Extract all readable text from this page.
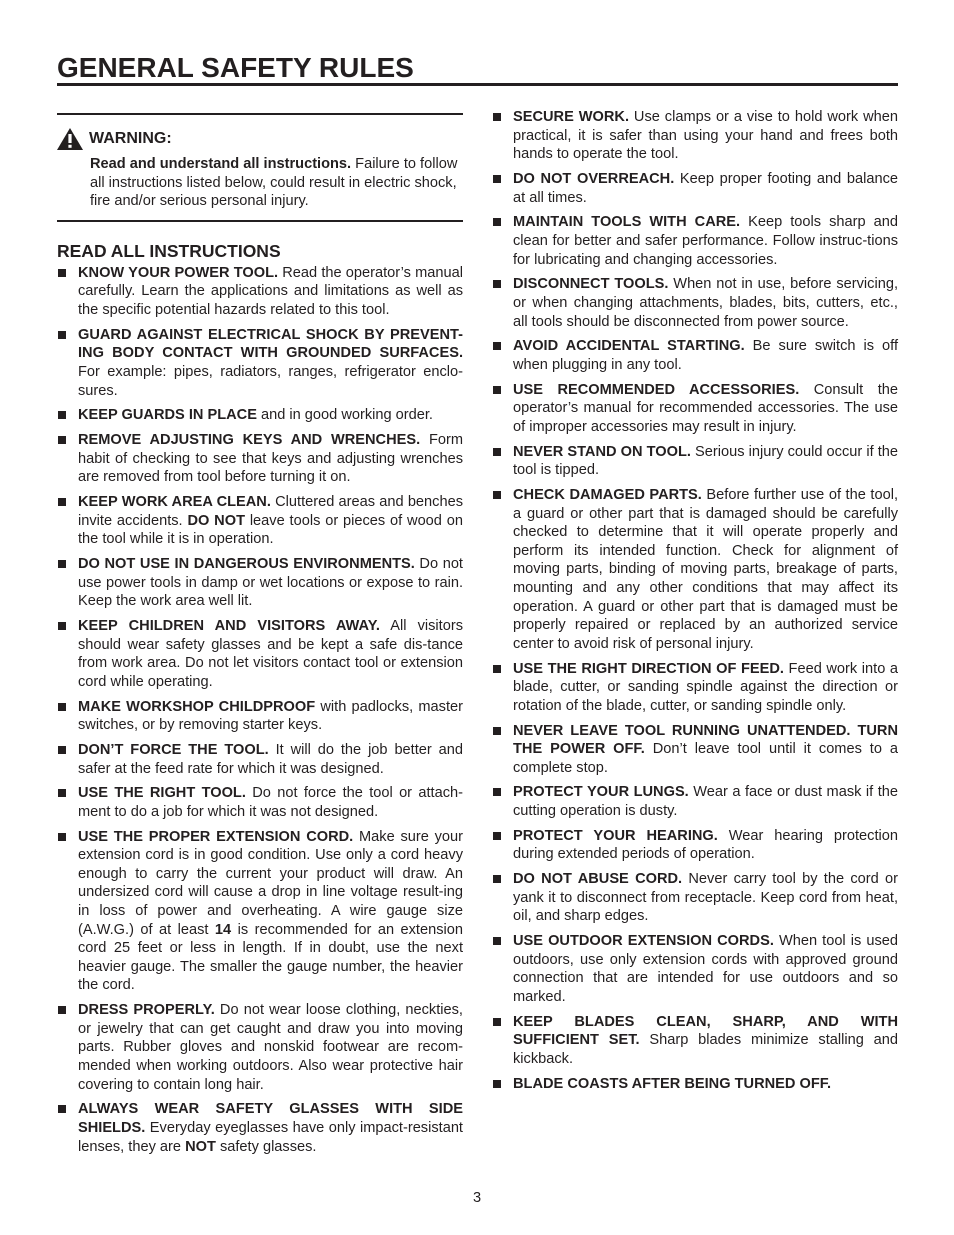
GENERAL SAFETY RULES
WARNING:
Read and understand all instructions. Failure to follow all instructions listed below, could result in electric shock, fire and/or serious personal injury.
READ ALL INSTRUCTIONS
KNOW YOUR POWER TOOL. Read the operator’s manual carefully. Learn the applications and limitations as well as the specific potential hazards related to this tool.
GUARD AGAINST ELECTRICAL SHOCK BY PREVENT-ING BODY CONTACT WITH GROUNDED SURFACES. For example: pipes, radiators, ranges, refrigerator enclo-sures.
KEEP GUARDS IN PLACE and in good working order.
REMOVE ADJUSTING KEYS AND WRENCHES. Form habit of checking to see that keys and adjusting wrenches are removed from tool before turning it on.
KEEP WORK AREA CLEAN. Cluttered areas and benches invite accidents. DO NOT leave tools or pieces of wood on the tool while it is in operation.
DO NOT USE IN DANGEROUS ENVIRONMENTS. Do not use power tools in damp or wet locations or expose to rain. Keep the work area well lit.
KEEP CHILDREN AND VISITORS AWAY. All visitors should wear safety glasses and be kept a safe dis-tance from work area. Do not let visitors contact tool or extension cord while operating.
MAKE WORKSHOP CHILDPROOF with padlocks, master switches, or by removing starter keys.
DON’T FORCE THE TOOL. It will do the job better and safer at the feed rate for which it was designed.
USE THE RIGHT TOOL. Do not force the tool or attach-ment to do a job for which it was not designed.
USE THE PROPER EXTENSION CORD. Make sure your extension cord is in good condition. Use only a cord heavy enough to carry the current your product will draw. An undersized cord will cause a drop in line voltage result-ing in loss of power and overheating. A wire gauge size (A.W.G.) of at least 14 is recommended for an extension cord 25 feet or less in length. If in doubt, use the next heavier gauge. The smaller the gauge number, the heavier the cord.
DRESS PROPERLY. Do not wear loose clothing, neckties, or jewelry that can get caught and draw you into moving parts. Rubber gloves and nonskid footwear are recom-mended when working outdoors. Also wear protective hair covering to contain long hair.
ALWAYS WEAR SAFETY GLASSES WITH SIDE SHIELDS. Everyday eyeglasses have only impact-resistant lenses, they are NOT safety glasses.
SECURE WORK. Use clamps or a vise to hold work when practical, it is safer than using your hand and frees both hands to operate the tool.
DO NOT OVERREACH. Keep proper footing and balance at all times.
MAINTAIN TOOLS WITH CARE. Keep tools sharp and clean for better and safer performance. Follow instruc-tions for lubricating and changing accessories.
DISCONNECT TOOLS. When not in use, before servicing, or when changing attachments, blades, bits, cutters, etc., all tools should be disconnected from power source.
AVOID ACCIDENTAL STARTING. Be sure switch is off when plugging in any tool.
USE RECOMMENDED ACCESSORIES. Consult the operator’s manual for recommended accessories. The use of improper accessories may result in injury.
NEVER STAND ON TOOL. Serious injury could occur if the tool is tipped.
CHECK DAMAGED PARTS. Before further use of the tool, a guard or other part that is damaged should be carefully checked to determine that it will operate properly and perform its intended function. Check for alignment of moving parts, binding of moving parts, breakage of parts, mounting and any other conditions that may affect its operation. A guard or other part that is damaged must be properly repaired or replaced by an authorized service center to avoid risk of personal injury.
USE THE RIGHT DIRECTION OF FEED. Feed work into a blade, cutter, or sanding spindle against the direction or rotation of the blade, cutter, or sanding spindle only.
NEVER LEAVE TOOL RUNNING UNATTENDED. TURN THE POWER OFF. Don’t leave tool until it comes to a complete stop.
PROTECT YOUR LUNGS. Wear a face or dust mask if the cutting operation is dusty.
PROTECT YOUR HEARING. Wear hearing protection during extended periods of operation.
DO NOT ABUSE CORD. Never carry tool by the cord or yank it to disconnect from receptacle. Keep cord from heat, oil, and sharp edges.
USE OUTDOOR EXTENSION CORDS. When tool is used outdoors, use only extension cords with approved ground connection that are intended for use outdoors and so marked.
KEEP BLADES CLEAN, SHARP, AND WITH SUFFICIENT SET. Sharp blades minimize stalling and kickback.
BLADE COASTS AFTER BEING TURNED OFF.
3
